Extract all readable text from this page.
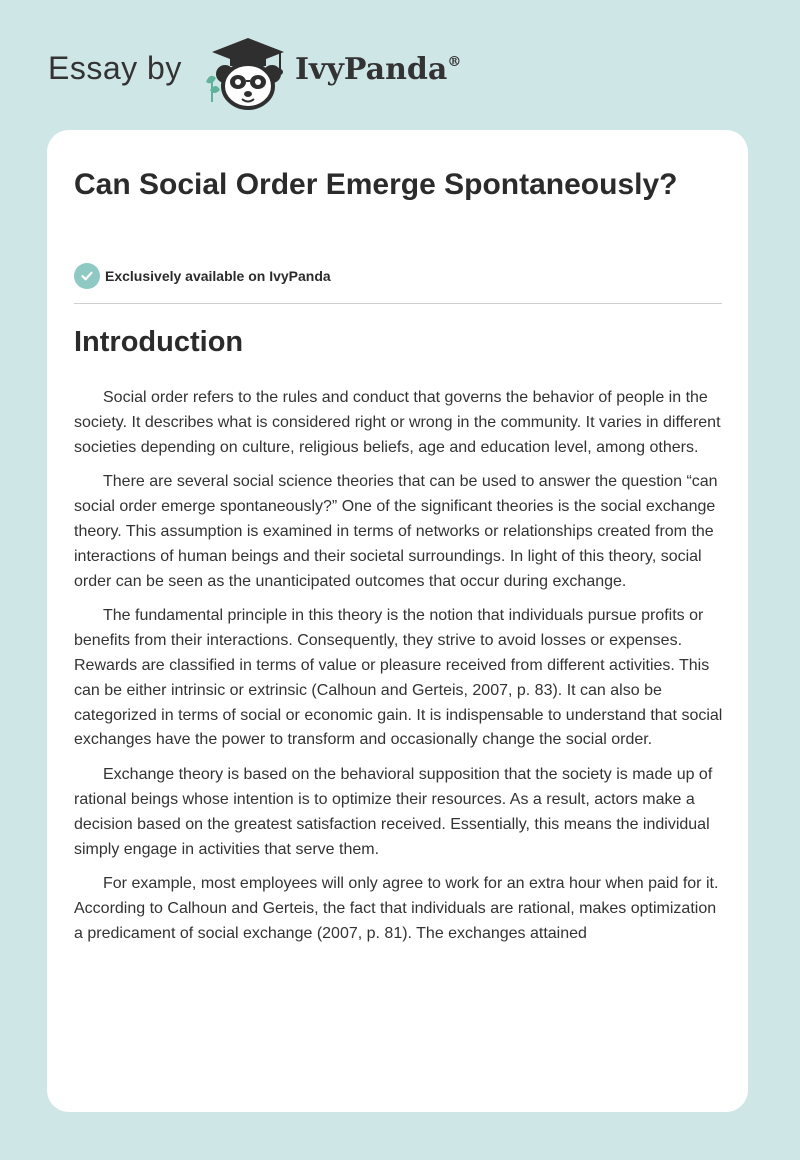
Essay by	IvyPanda®
Can Social Order Emerge Spontaneously?
Exclusively available on IvyPanda
Introduction

Social order refers to the rules and conduct that governs the behavior of people in the society. It describes what is considered right or wrong in the community. It varies in different societies depending on culture, religious beliefs, age and education level, among others.

There are several social science theories that can be used to answer the question “can social order emerge spontaneously?” One of the significant theories is the social exchange theory. This assumption is examined in terms of networks or relationships created from the interactions of human beings and their societal surroundings. In light of this theory, social order can be seen as the unanticipated outcomes that occur during exchange.

The fundamental principle in this theory is the notion that individuals pursue profits or benefits from their interactions. Consequently, they strive to avoid losses or expenses. Rewards are classified in terms of value or pleasure received from different activities. This can be either intrinsic or extrinsic (Calhoun and Gerteis, 2007, p. 83). It can also be categorized in terms of social or economic gain. It is indispensable to understand that social exchanges have the power to transform and occasionally change the social order.

Exchange theory is based on the behavioral supposition that the society is made up of rational beings whose intention is to optimize their resources. As a result, actors make a decision based on the greatest satisfaction received. Essentially, this means the individual simply engage in activities that serve them.

For example, most employees will only agree to work for an extra hour when paid for it. According to Calhoun and Gerteis, the fact that individuals are rational, makes optimization a predicament of social exchange (2007, p. 81). The exchanges attained
